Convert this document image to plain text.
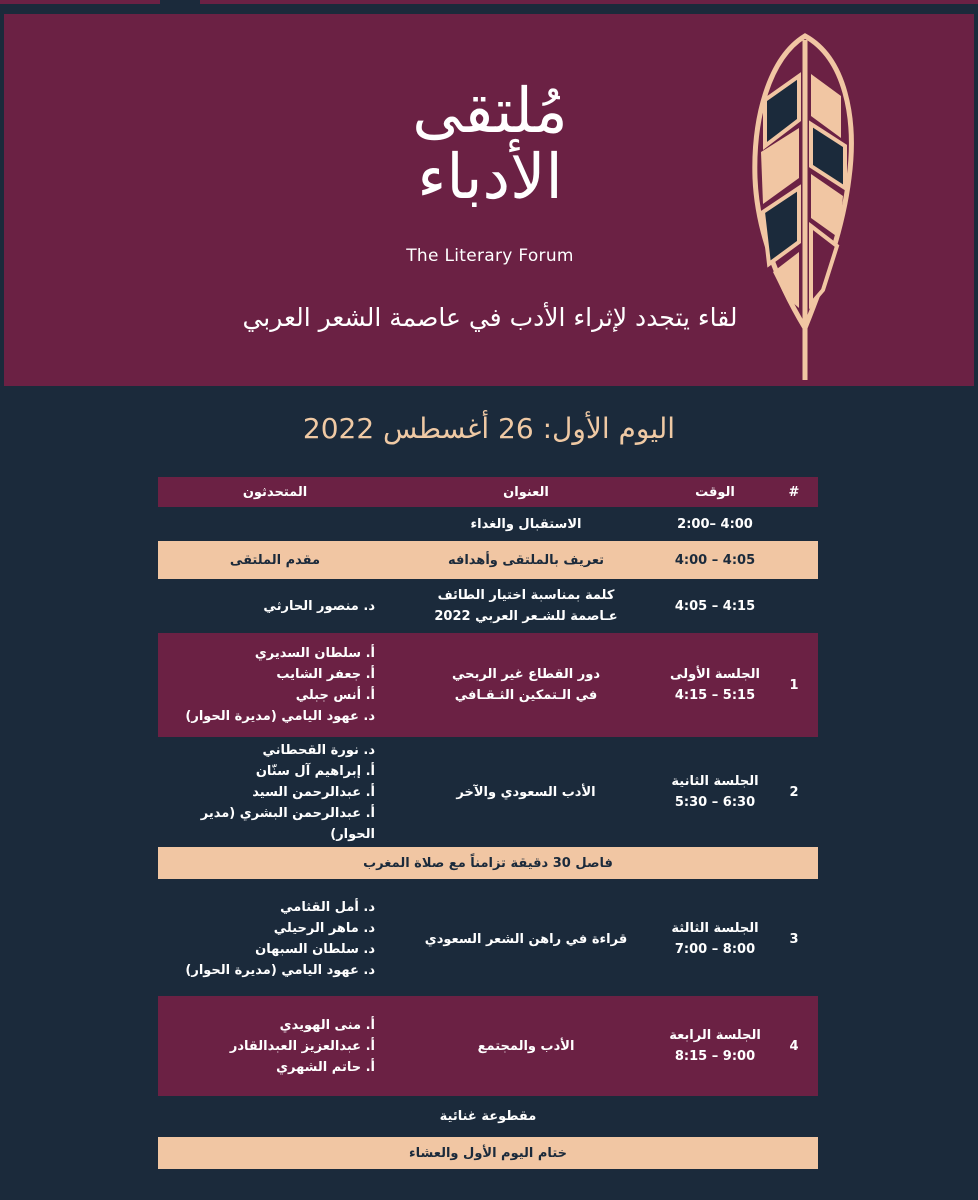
مُلتقى
الأدباء
The Literary Forum
لقاء يتجدد لإثراء الأدب في عاصمة الشعر العربي
اليوم الأول: 26 أغسطس 2022
#
الوقت
العنوان
المتحدثون
2:00– 4:00
الاستقبال والغداء
4:00 – 4:05
تعريف بالملتقى وأهدافه
مقدم الملتقى
4:05 – 4:15
كلمة بمناسبة اختيار الطائف عـاصمة للشـعر العربي 2022
د. منصور الحارثي
1
الجلسة الأولى
4:15 – 5:15
دور القطاع غير الربحي في الـتمكين الثـقـافي
أ. سلطان السديري
أ. جعفر الشايب
أ. أنس جبلي
د. عهود اليامي (مديرة الحوار)
2
الجلسة الثانية
5:30 – 6:30
الأدب السعودي والآخر
د. نورة القحطاني
أ. إبراهيم آل سنّان
أ. عبدالرحمن السيد
أ. عبدالرحمن البشري (مدير الحوار)
فاصل 30 دقيقة تزامناً مع صلاة المغرب
3
الجلسة الثالثة
7:00 – 8:00
قراءة في راهن الشعر السعودي
د. أمل القثامي
د. ماهر الرحيلي
د. سلطان السبهان
د. عهود اليامي (مديرة الحوار)
4
الجلسة الرابعة
8:15 – 9:00
الأدب والمجتمع
أ. منى الهويدي
أ. عبدالعزيز العبدالقادر
أ. حاتم الشهري
مقطوعة غنائية
ختام اليوم الأول والعشاء
